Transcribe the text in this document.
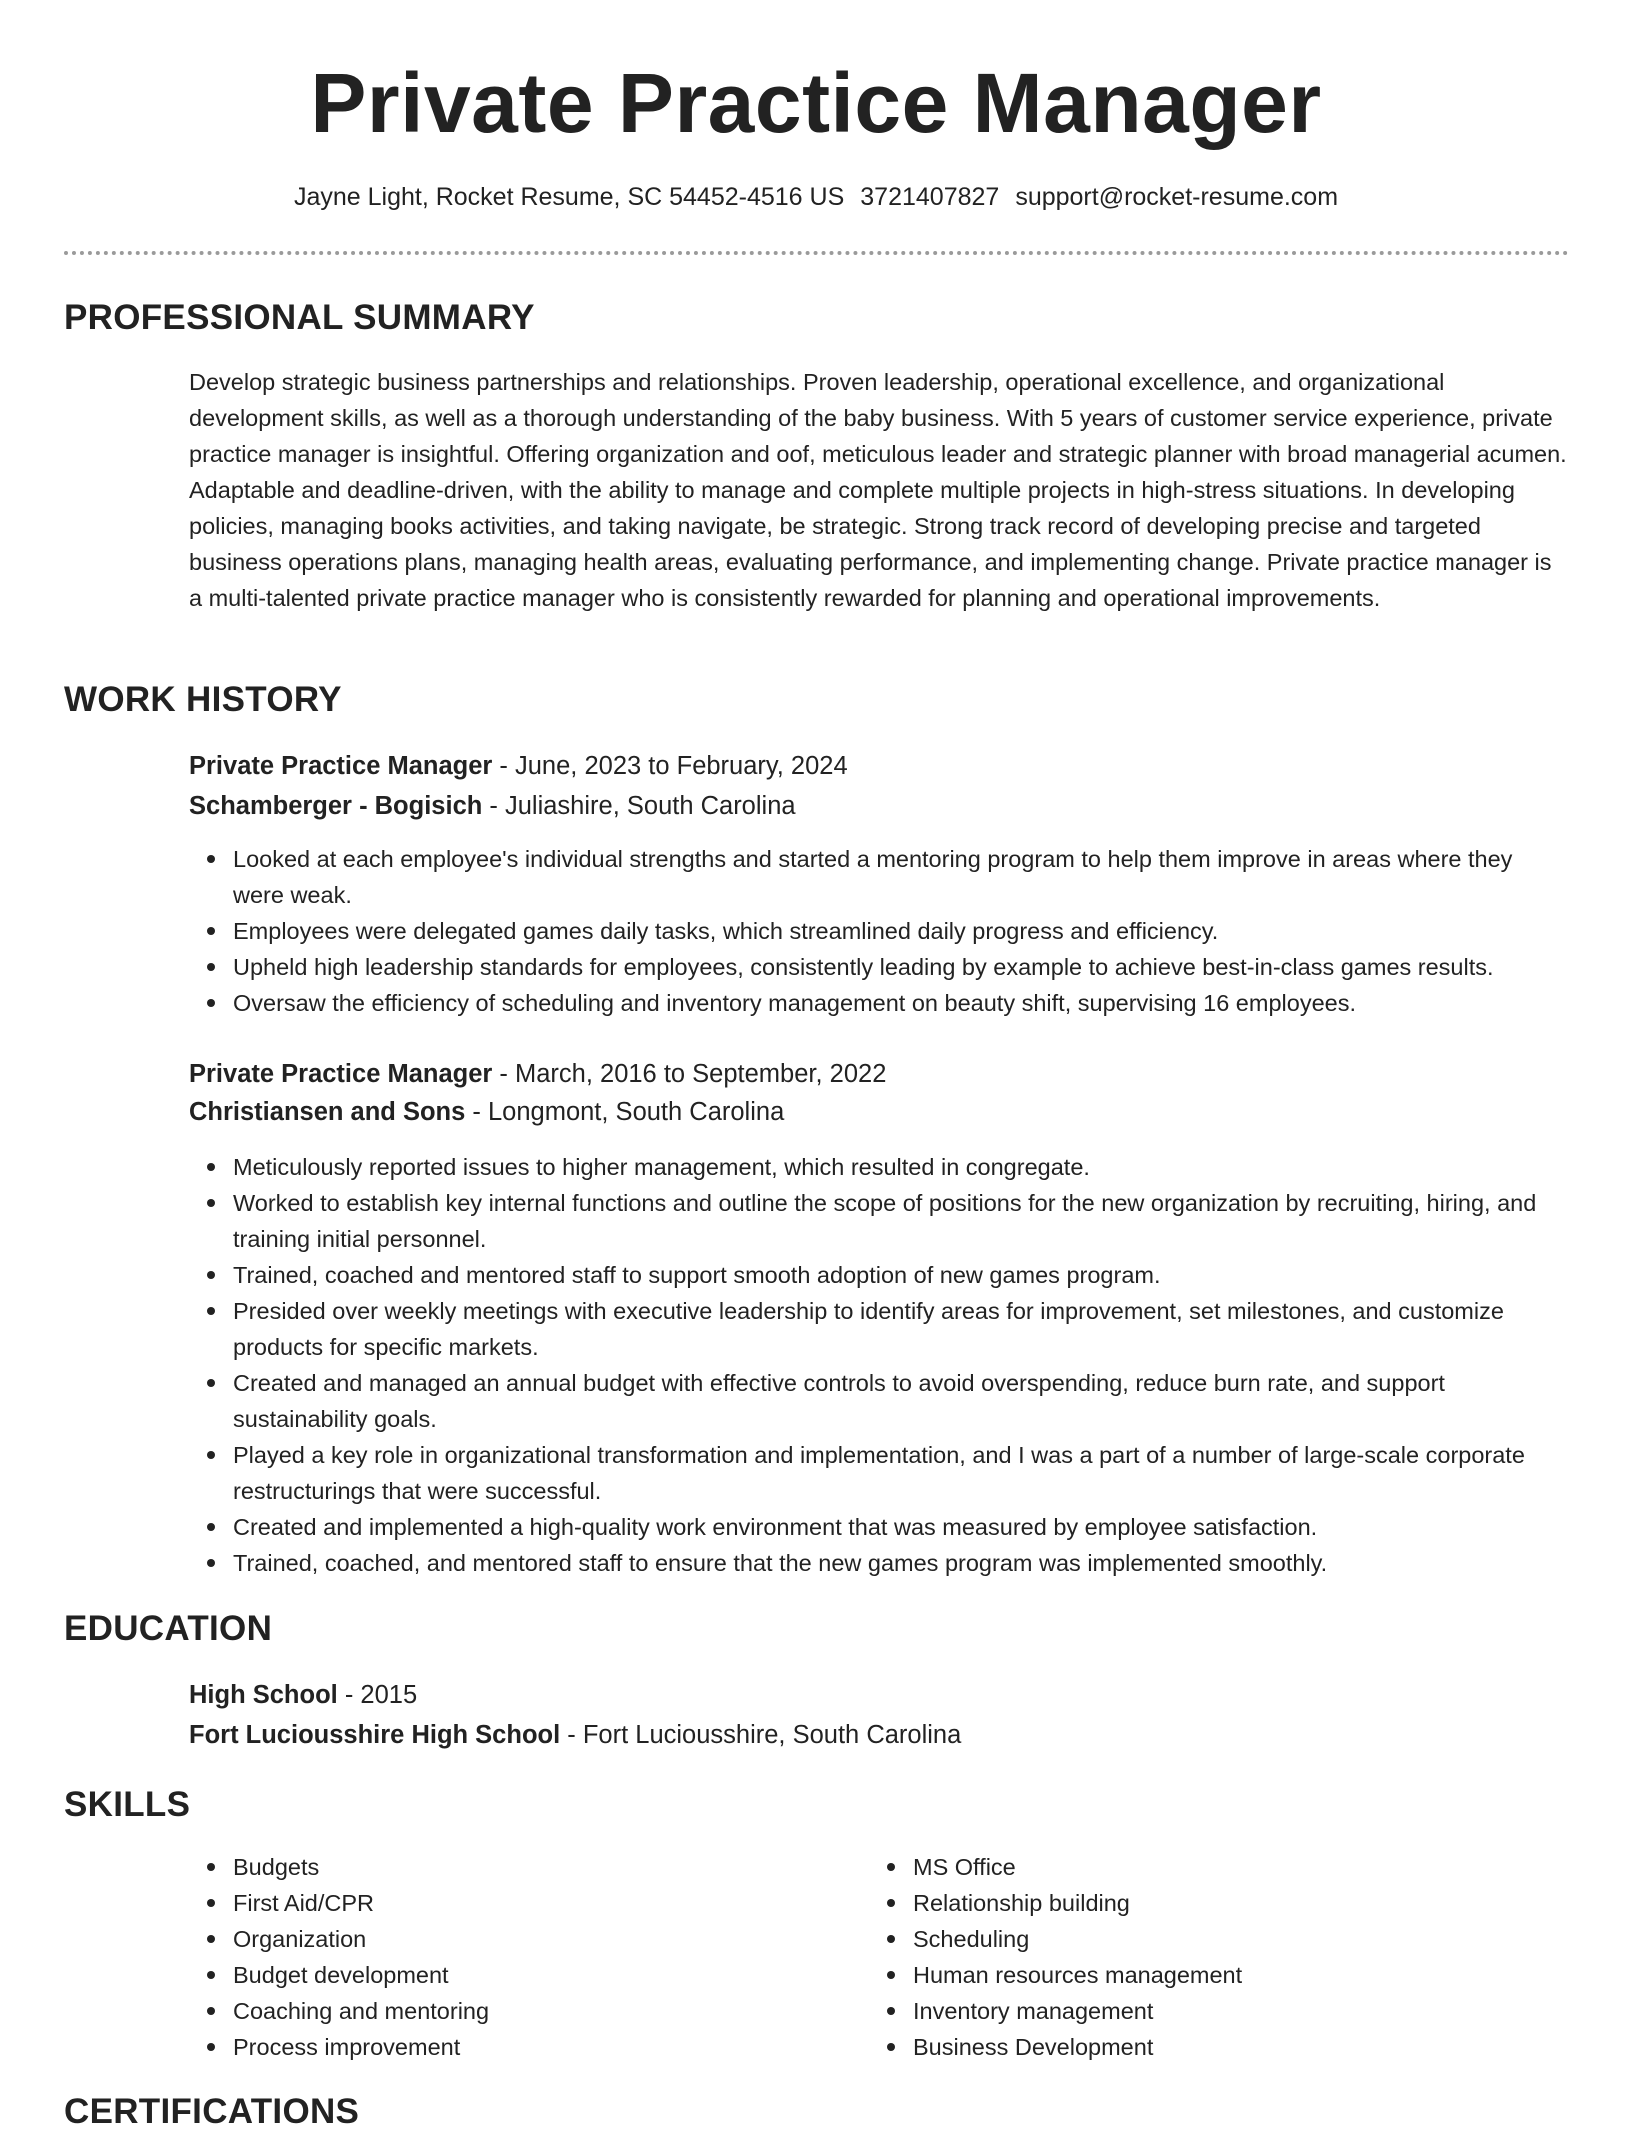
Private Practice Manager
Jayne Light, Rocket Resume, SC 54452-4516 US 3721407827 support@rocket-resume.com
PROFESSIONAL SUMMARY

Develop strategic business partnerships and relationships. Proven leadership, operational excellence, and organizational development skills, as well as a thorough understanding of the baby business. With 5 years of customer service experience, private practice manager is insightful. Offering organization and oof, meticulous leader and strategic planner with broad managerial acumen. Adaptable and deadline-driven, with the ability to manage and complete multiple projects in high-stress situations. In developing policies, managing books activities, and taking navigate, be strategic. Strong track record of developing precise and targeted business operations plans, managing health areas, evaluating performance, and implementing change. Private practice manager is a multi-talented private practice manager who is consistently rewarded for planning and operational improvements.

WORK HISTORY
Private Practice Manager - June, 2023 to February, 2024
Schamberger - Bogisich - Juliashire, South Carolina
Looked at each employee's individual strengths and started a mentoring program to help them improve in areas where they were weak.
Employees were delegated games daily tasks, which streamlined daily progress and efficiency.
Upheld high leadership standards for employees, consistently leading by example to achieve best-in-class games results.
Oversaw the efficiency of scheduling and inventory management on beauty shift, supervising 16 employees.
Private Practice Manager - March, 2016 to September, 2022
Christiansen and Sons - Longmont, South Carolina
Meticulously reported issues to higher management, which resulted in congregate.
Worked to establish key internal functions and outline the scope of positions for the new organization by recruiting, hiring, and training initial personnel.
Trained, coached and mentored staff to support smooth adoption of new games program.
Presided over weekly meetings with executive leadership to identify areas for improvement, set milestones, and customize products for specific markets.
Created and managed an annual budget with effective controls to avoid overspending, reduce burn rate, and support sustainability goals.
Played a key role in organizational transformation and implementation, and I was a part of a number of large-scale corporate restructurings that were successful.
Created and implemented a high-quality work environment that was measured by employee satisfaction.
Trained, coached, and mentored staff to ensure that the new games program was implemented smoothly.
EDUCATION
High School - 2015
Fort Luciousshire High School - Fort Luciousshire, South Carolina
SKILLS
Budgets
First Aid/CPR
Organization
Budget development
Coaching and mentoring
Process improvement
MS Office
Relationship building
Scheduling
Human resources management
Inventory management
Business Development
CERTIFICATIONS
